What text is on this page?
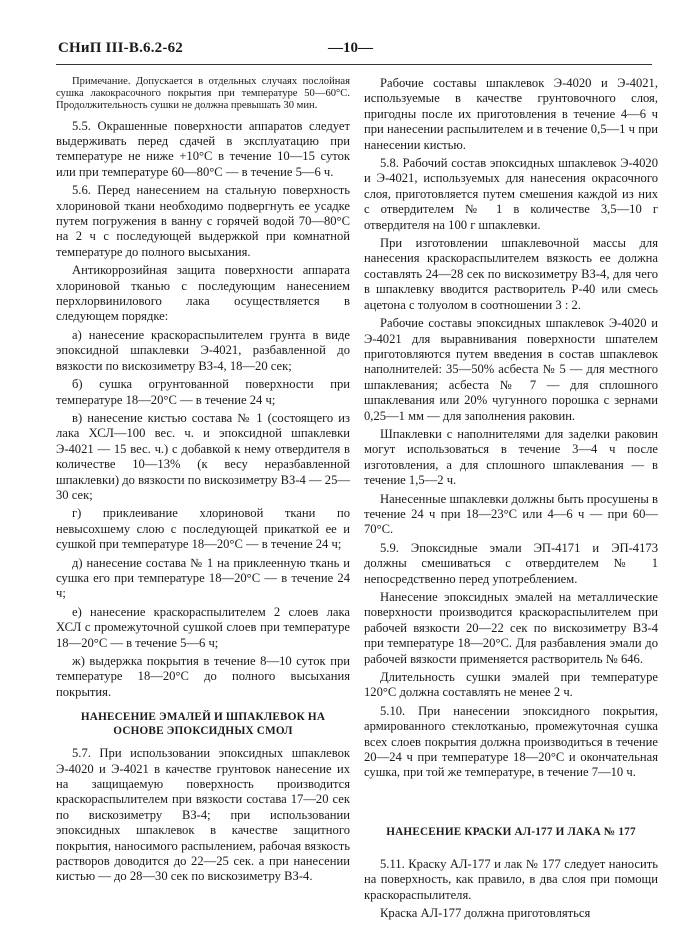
СНиП III-В.6.2-62	—10—

Примечание. Допускается в отдельных случаях послойная сушка лакокрасочного покрытия при температуре 50—60°С. Продолжительность сушки не должна превышать 30 мин.

5.5. Окрашенные поверхности аппаратов следует выдерживать перед сдачей в эксплуатацию при температуре не ниже +10°С в течение 10—15 суток или при температуре 60—80°С — в течение 5—6 ч.

5.6. Перед нанесением на стальную поверхность хлориновой ткани необходимо подвергнуть ее усадке путем погружения в ванну с горячей водой 70—80°С на 2 ч с последующей выдержкой при комнатной температуре до полного высыхания.

Антикоррозийная защита поверхности аппарата хлориновой тканью с последующим нанесением перхлорвинилового лака осуществляется в следующем порядке:

а) нанесение краскораспылителем грунта в виде эпоксидной шпаклевки Э-4021, разбавленной до вязкости по вискозиметру ВЗ-4, 18—20 сек;

б) сушка огрунтованной поверхности при температуре 18—20°С — в течение 24 ч;

в) нанесение кистью состава № 1 (состоящего из лака ХСЛ—100 вес. ч. и эпоксидной шпаклевки Э-4021 — 15 вес. ч.) с добавкой к нему отвердителя в количестве 10—13% (к весу неразбавленной шпаклевки) до вязкости по вискозиметру ВЗ-4 — 25—30 сек;

г) приклеивание хлориновой ткани по невысохшему слою с последующей прикаткой ее и сушкой при температуре 18—20°С — в течение 24 ч;

д) нанесение состава № 1 на приклеенную ткань и сушка его при температуре 18—20°С — в течение 24 ч;

е) нанесение краскораспылителем 2 слоев лака ХСЛ с промежуточной сушкой слоев при температуре 18—20°С — в течение 5—6 ч;

ж) выдержка покрытия в течение 8—10 суток при температуре 18—20°С до полного высыхания покрытия.

НАНЕСЕНИЕ ЭМАЛЕЙ И ШПАКЛЕВОК НА ОСНОВЕ ЭПОКСИДНЫХ СМОЛ

5.7. При использовании эпоксидных шпаклевок Э-4020 и Э-4021 в качестве грунтовок нанесение их на защищаемую поверхность производится краскораспылителем при вязкости состава 17—20 сек по вискозиметру ВЗ-4; при использовании эпоксидных шпаклевок в качестве защитного покрытия, наносимого распылением, рабочая вязкость растворов доводится до 22—25 сек. а при нанесении кистью — до 28—30 сек по вискозиметру ВЗ-4.

Рабочие составы шпаклевок Э-4020 и Э-4021, используемые в качестве грунтовочного слоя, пригодны после их приготовления в течение 4—6 ч при нанесении распылителем и в течение 0,5—1 ч при нанесении кистью.

5.8. Рабочий состав эпоксидных шпаклевок Э-4020 и Э-4021, используемых для нанесения окрасочного слоя, приготовляется путем смешения каждой из них с отвердителем № 1 в количестве 3,5—10 г отвердителя на 100 г шпаклевки.

При изготовлении шпаклевочной массы для нанесения краскораспылителем вязкость ее должна составлять 24—28 сек по вискозиметру ВЗ-4, для чего в шпаклевку вводится растворитель Р-40 или смесь ацетона с толуолом в соотношении 3 : 2.

Рабочие составы эпоксидных шпаклевок Э-4020 и Э-4021 для выравнивания поверхности шпателем приготовляются путем введения в состав шпаклевок наполнителей: 35—50% асбеста № 5 — для местного шпаклевания; асбеста № 7 — для сплошного шпаклевания или 20% чугунного порошка с зернами 0,25—1 мм — для заполнения раковин.

Шпаклевки с наполнителями для заделки раковин могут использоваться в течение 3—4 ч после изготовления, а для сплошного шпаклевания — в течение 1,5—2 ч.

Нанесенные шпаклевки должны быть просушены в течение 24 ч при 18—23°С или 4—6 ч — при 60—70°С.

5.9. Эпоксидные эмали ЭП-4171 и ЭП-4173 должны смешиваться с отвердителем № 1 непосредственно перед употреблением.

Нанесение эпоксидных эмалей на металлические поверхности производится краскораспылителем при рабочей вязкости 20—22 сек по вискозиметру ВЗ-4 при температуре 18—20°С. Для разбавления эмали до рабочей вязкости применяется растворитель № 646.

Длительность сушки эмалей при температуре 120°С должна составлять не менее 2 ч.

5.10. При нанесении эпоксидного покрытия, армированного стеклотканью, промежуточная сушка всех слоев покрытия должна производиться в течение 20—24 ч при температуре 18—20°С и окончательная сушка, при той же температуре, в течение 7—10 ч.

НАНЕСЕНИЕ КРАСКИ АЛ-177 И ЛАКА № 177

5.11. Краску АЛ-177 и лак № 177 следует наносить на поверхность, как правило, в два слоя при помощи краскораспылителя.

Краска АЛ-177 должна приготовляться
